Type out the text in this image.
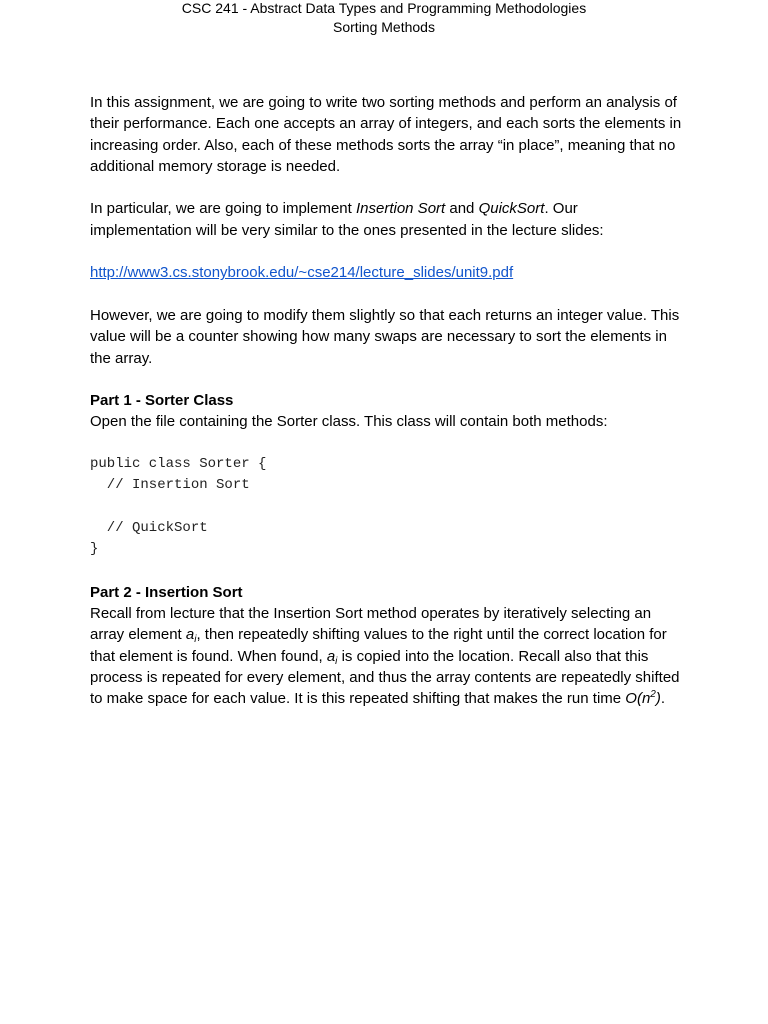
CSC 241 - Abstract Data Types and Programming Methodologies
Sorting Methods

In this assignment, we are going to write two sorting methods and perform an analysis of their performance. Each one accepts an array of integers, and each sorts the elements in increasing order. Also, each of these methods sorts the array “in place”, meaning that no additional memory storage is needed.

In particular, we are going to implement Insertion Sort and QuickSort. Our implementation will be very similar to the ones presented in the lecture slides:

http://www3.cs.stonybrook.edu/~cse214/lecture_slides/unit9.pdf

However, we are going to modify them slightly so that each returns an integer value. This value will be a counter showing how many swaps are necessary to sort the elements in the array.

Part 1 - Sorter Class

Open the file containing the Sorter class. This class will contain both methods:

public class Sorter {
// Insertion Sort
// QuickSort
}

Part 2 - Insertion Sort

Recall from lecture that the Insertion Sort method operates by iteratively selecting an array element $a_i$, then repeatedly shifting values to the right until the correct location for that element is found. When found, $a_i$ is copied into the location. Recall also that this process is repeated for every element, and thus the array contents are repeatedly shifted to make space for each value. It is this repeated shifting that makes the run time $O(n^2)$.
